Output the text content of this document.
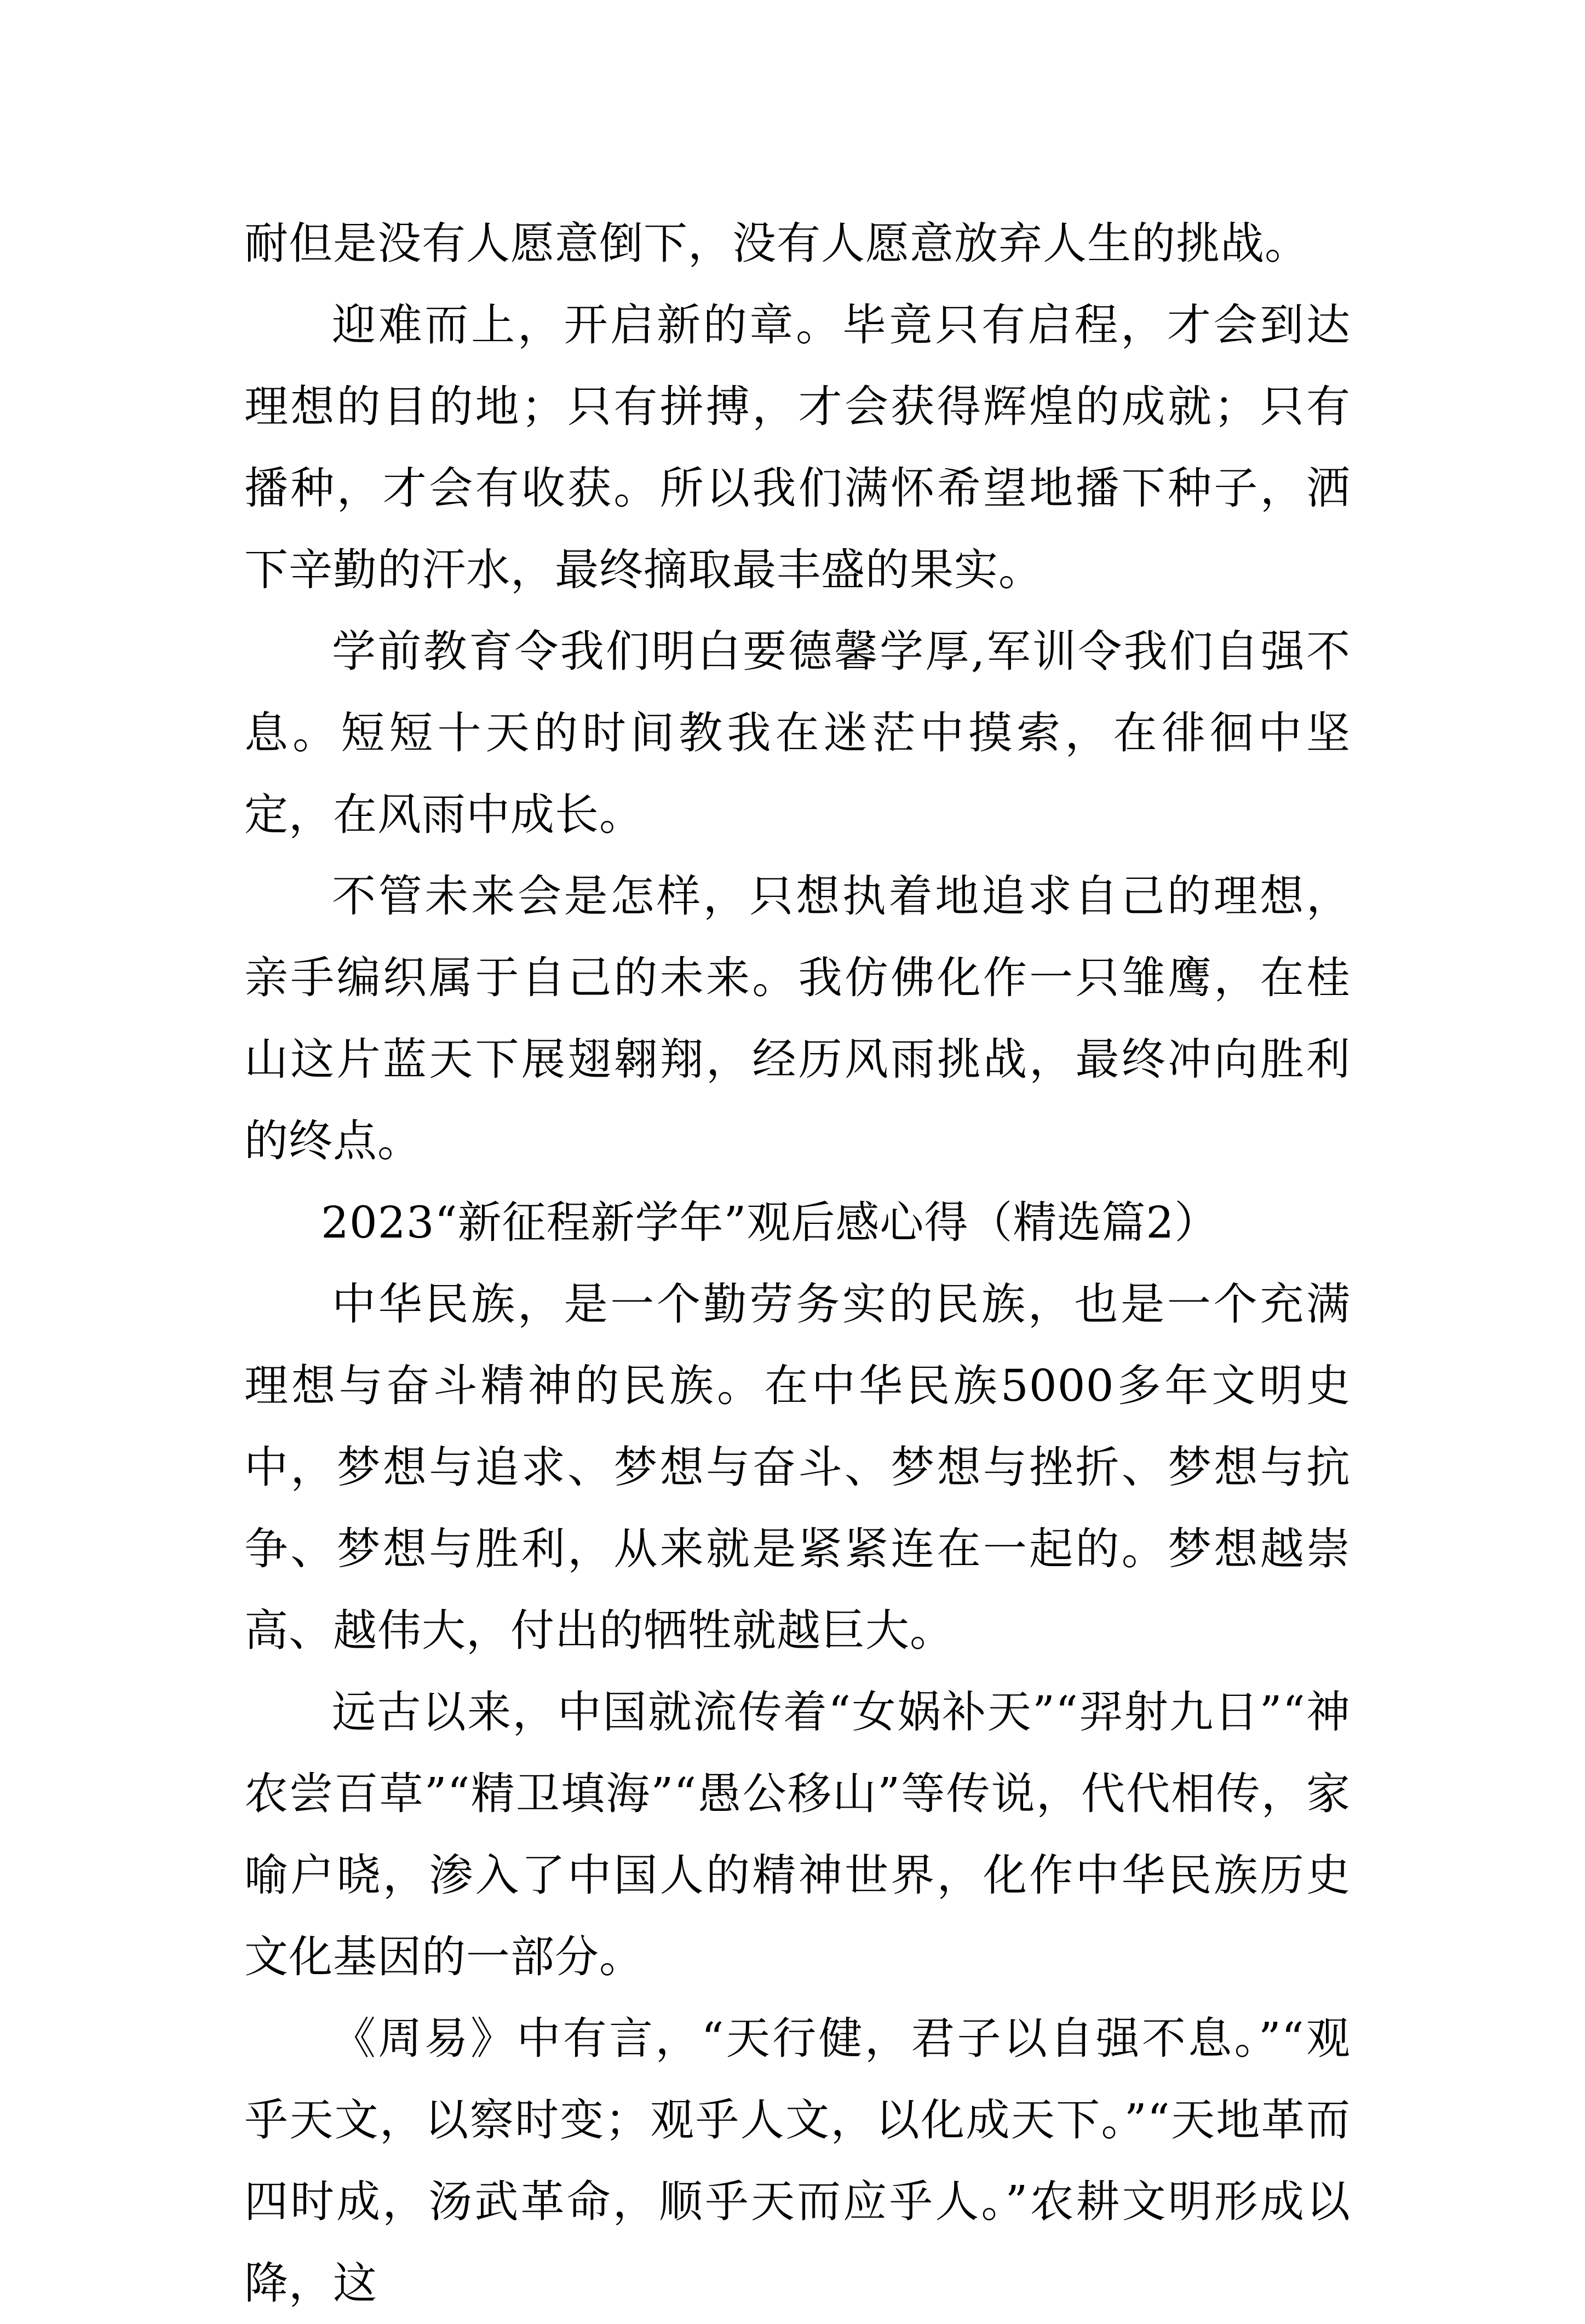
耐但是没有人愿意倒下，没有人愿意放弃人生的挑战。

迎难而上，开启新的章。毕竟只有启程，才会到达理想的目的地；只有拼搏，才会获得辉煌的成就；只有播种，才会有收获。所以我们满怀希望地播下种子，洒下辛勤的汗水，最终摘取最丰盛的果实。

学前教育令我们明白要德馨学厚,军训令我们自强不息。短短十天的时间教我在迷茫中摸索，在徘徊中坚定，在风雨中成长。

不管未来会是怎样，只想执着地追求自己的理想，亲手编织属于自己的未来。我仿佛化作一只雏鹰，在桂山这片蓝天下展翅翱翔，经历风雨挑战，最终冲向胜利的终点。

2023“新征程新学年”观后感心得（精选篇2）

中华民族，是一个勤劳务实的民族，也是一个充满理想与奋斗精神的民族。在中华民族5000多年文明史中，梦想与追求、梦想与奋斗、梦想与挫折、梦想与抗争、梦想与胜利，从来就是紧紧连在一起的。梦想越崇高、越伟大，付出的牺牲就越巨大。

远古以来，中国就流传着“女娲补天”“羿射九日”“神农尝百草”“精卫填海”“愚公移山”等传说，代代相传，家喻户晓，渗入了中国人的精神世界，化作中华民族历史文化基因的一部分。

《周易》中有言，“天行健，君子以自强不息。”“观乎天文，以察时变；观乎人文，以化成天下。”“天地革而四时成，汤武革命，顺乎天而应乎人。”农耕文明形成以降，这
